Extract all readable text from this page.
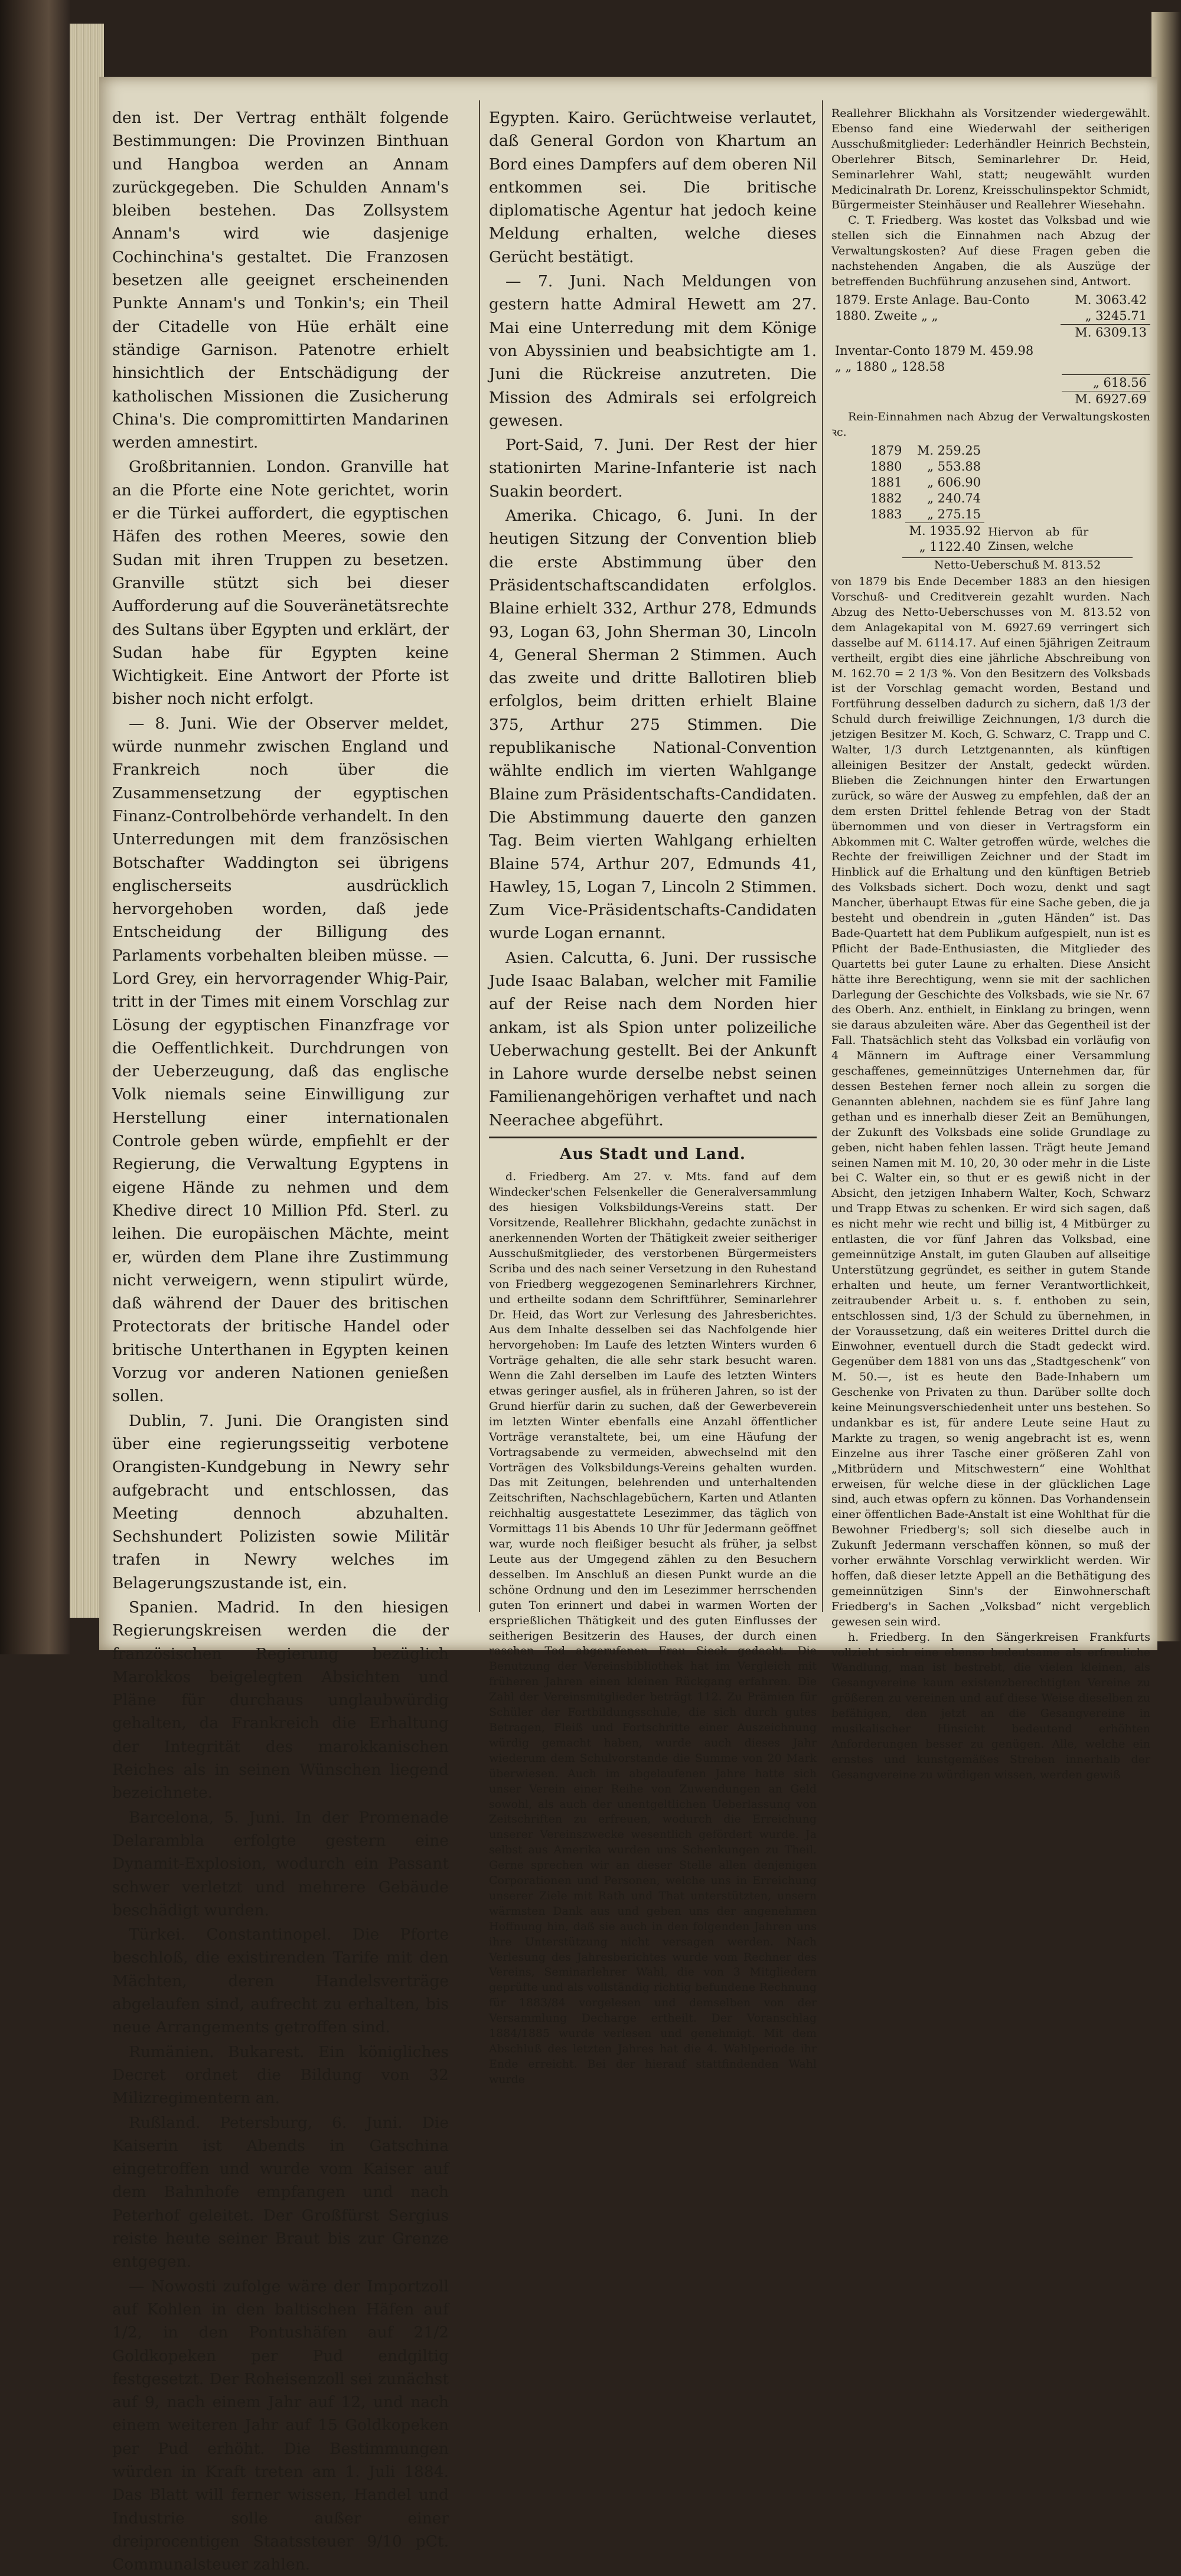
den ist. Der Vertrag enthält folgende Bestimmungen: Die Provinzen Binthuan und Hangboa werden an Annam zurückgegeben. Die Schulden Annam's bleiben bestehen. Das Zollsystem Annam's wird wie dasjenige Cochinchina's gestaltet. Die Franzosen besetzen alle geeignet erscheinenden Punkte Annam's und Tonkin's; ein Theil der Citadelle von Hüe erhält eine ständige Garnison. Patenotre erhielt hinsichtlich der Entschädigung der katholischen Missionen die Zusicherung China's. Die compromittirten Mandarinen werden amnestirt.

Großbritannien. London. Granville hat an die Pforte eine Note gerichtet, worin er die Türkei auffordert, die egyptischen Häfen des rothen Meeres, sowie den Sudan mit ihren Truppen zu besetzen. Granville stützt sich bei dieser Aufforderung auf die Souveränetätsrechte des Sultans über Egypten und erklärt, der Sudan habe für Egypten keine Wichtigkeit. Eine Antwort der Pforte ist bisher noch nicht erfolgt.

— 8. Juni. Wie der Observer meldet, würde nunmehr zwischen England und Frankreich noch über die Zusammensetzung der egyptischen Finanz-Controlbehörde verhandelt. In den Unterredungen mit dem französischen Botschafter Waddington sei übrigens englischerseits ausdrücklich hervorgehoben worden, daß jede Entscheidung der Billigung des Parlaments vorbehalten bleiben müsse. — Lord Grey, ein hervorragender Whig-Pair, tritt in der Times mit einem Vorschlag zur Lösung der egyptischen Finanzfrage vor die Oeffentlichkeit. Durchdrungen von der Ueberzeugung, daß das englische Volk niemals seine Einwilligung zur Herstellung einer internationalen Controle geben würde, empfiehlt er der Regierung, die Verwaltung Egyptens in eigene Hände zu nehmen und dem Khedive direct 10 Million Pfd. Sterl. zu leihen. Die europäischen Mächte, meint er, würden dem Plane ihre Zustimmung nicht verweigern, wenn stipulirt würde, daß während der Dauer des britischen Protectorats der britische Handel oder britische Unterthanen in Egypten keinen Vorzug vor anderen Nationen genießen sollen.

Dublin, 7. Juni. Die Orangisten sind über eine regierungsseitig verbotene Orangisten-Kundgebung in Newry sehr aufgebracht und entschlossen, das Meeting dennoch abzuhalten. Sechshundert Polizisten sowie Militär trafen in Newry welches im Belagerungszustande ist, ein.

Spanien. Madrid. In den hiesigen Regierungskreisen werden die der französischen Regierung bezüglich Marokkos beigelegten Absichten und Pläne für durchaus unglaubwürdig gehalten, da Frankreich die Erhaltung der Integrität des marokkanischen Reiches als in seinen Wünschen liegend bezeichnete.

Barcelona, 5. Juni. In der Promenade Delarambla erfolgte gestern eine Dynamit-Explosion, wodurch ein Passant schwer verletzt und mehrere Gebäude beschädigt wurden.

Türkei. Constantinopel. Die Pforte beschloß, die existirenden Tarife mit den Mächten, deren Handelsverträge abgelaufen sind, aufrecht zu erhalten, bis neue Arrangements getroffen sind.

Rumänien. Bukarest. Ein königliches Decret ordnet die Bildung von 32 Milizregimentern an.

Rußland. Petersburg, 6. Juni. Die Kaiserin ist Abends in Gatschina eingetroffen und wurde vom Kaiser auf dem Bahnhofe empfangen und nach Peterhof geleitet. Der Großfürst Sergius reiste heute seiner Braut bis zur Grenze entgegen.

— Nowosti zufolge wäre der Importzoll auf Kohlen in den baltischen Häfen auf 1/2, in den Pontushäfen auf 21/2 Goldkopeken per Pud endgiltig festgesetzt. Der Roheisenzoll sei zunächst auf 9, nach einem Jahr auf 12, und nach einem weiteren Jahr auf 15 Goldkopeken per Pud erhöht. Die Bestimmungen würden in Kraft treten am 1. Juli 1884. Das Blatt will ferner wissen, Handel und Industrie solle außer einer dreiprocentigen Staatssteuer 9/10 pCt. Communalsteuer zahlen.

Egypten. Kairo. Gerüchtweise verlautet, daß General Gordon von Khartum an Bord eines Dampfers auf dem oberen Nil entkommen sei. Die britische diplomatische Agentur hat jedoch keine Meldung erhalten, welche dieses Gerücht bestätigt.

— 7. Juni. Nach Meldungen von gestern hatte Admiral Hewett am 27. Mai eine Unterredung mit dem Könige von Abyssinien und beabsichtigte am 1. Juni die Rückreise anzutreten. Die Mission des Admirals sei erfolgreich gewesen.

Port-Said, 7. Juni. Der Rest der hier stationirten Marine-Infanterie ist nach Suakin beordert.

Amerika. Chicago, 6. Juni. In der heutigen Sitzung der Convention blieb die erste Abstimmung über den Präsidentschaftscandidaten erfolglos. Blaine erhielt 332, Arthur 278, Edmunds 93, Logan 63, John Sherman 30, Lincoln 4, General Sherman 2 Stimmen. Auch das zweite und dritte Ballotiren blieb erfolglos, beim dritten erhielt Blaine 375, Arthur 275 Stimmen. Die republikanische National-Convention wählte endlich im vierten Wahlgange Blaine zum Präsidentschafts-Candidaten. Die Abstimmung dauerte den ganzen Tag. Beim vierten Wahlgang erhielten Blaine 574, Arthur 207, Edmunds 41, Hawley, 15, Logan 7, Lincoln 2 Stimmen. Zum Vice-Präsidentschafts-Candidaten wurde Logan ernannt.

Asien. Calcutta, 6. Juni. Der russische Jude Isaac Balaban, welcher mit Familie auf der Reise nach dem Norden hier ankam, ist als Spion unter polizeiliche Ueberwachung gestellt. Bei der Ankunft in Lahore wurde derselbe nebst seinen Familienangehörigen verhaftet und nach Neerachee abgeführt.

Aus Stadt und Land.

d. Friedberg. Am 27. v. Mts. fand auf dem Windecker'schen Felsenkeller die Generalversammlung des hiesigen Volksbildungs-Vereins statt. Der Vorsitzende, Reallehrer Blickhahn, gedachte zunächst in anerkennenden Worten der Thätigkeit zweier seitheriger Ausschußmitglieder, des verstorbenen Bürgermeisters Scriba und des nach seiner Versetzung in den Ruhestand von Friedberg weggezogenen Seminarlehrers Kirchner, und ertheilte sodann dem Schriftführer, Seminarlehrer Dr. Heid, das Wort zur Verlesung des Jahresberichtes. Aus dem Inhalte desselben sei das Nachfolgende hier hervorgehoben: Im Laufe des letzten Winters wurden 6 Vorträge gehalten, die alle sehr stark besucht waren. Wenn die Zahl derselben im Laufe des letzten Winters etwas geringer ausfiel, als in früheren Jahren, so ist der Grund hierfür darin zu suchen, daß der Gewerbeverein im letzten Winter ebenfalls eine Anzahl öffentlicher Vorträge veranstaltete, bei, um eine Häufung der Vortragsabende zu vermeiden, abwechselnd mit den Vorträgen des Volksbildungs-Vereins gehalten wurden. Das mit Zeitungen, belehrenden und unterhaltenden Zeitschriften, Nachschlagebüchern, Karten und Atlanten reichhaltig ausgestattete Lesezimmer, das täglich von Vormittags 11 bis Abends 10 Uhr für Jedermann geöffnet war, wurde noch fleißiger besucht als früher, ja selbst Leute aus der Umgegend zählen zu den Besuchern desselben. Im Anschluß an diesen Punkt wurde an die schöne Ordnung und den im Lesezimmer herrschenden guten Ton erinnert und dabei in warmen Worten der ersprießlichen Thätigkeit und des guten Einflusses der seitherigen Besitzerin des Hauses, der durch einen raschen Tod abgerufenen Frau Sieck gedacht. Die Benutzung der Vereinsbibliothek hat im Vergleich mit früheren Jahren einen kleinen Rückgang erfahren. Die Zahl der Vereinsmitglieder beträgt 112. Zu Prämien für Schüler der Fortbildungsschule, die sich durch gutes Betragen, Fleiß und Fortschritte einer Auszeichnung würdig gemacht haben, wurde auch dieses Jahr wiederum dem Schulvorstande die Summe von 20 Mark überwiesen. Auch im abgelaufenen Jahre hatte sich unser Verein einer Reihe von Zuwendungen an Geld sowohl, als auch der unentgeltlichen Ueberlassung von Zeitschriften zu erfreuen, wodurch die Erreichung unserer Vereinszwecke wesentlich gefördert wurde. Ja selbst aus Amerika wurden uns Schenkungen zu Theil. Gerne sprechen wir an dieser Stelle allen denjenigen Corporationen und Personen, welche uns in Erreichung unserer Ziele mit Rath und That unterstützten, unsern wärmsten Dank aus und geben uns der angenehmen Hoffnung hin, daß sie auch in den folgenden Jahren uns ihre Unterstützung nicht versagen werden. Nach Verlesung des Jahresberichtes wurde vom Rechner des Vereins, Seminarlehrer Wahl, die von 3 Mitgliedern geprüfte und als vollständig richtig befundene Rechnung für 1883/84 vorgelesen und demselben von der Versammlung Decharge ertheilt. Der Voranschlag 1884/1885 wurde verlesen und genehmigt. Mit dem Abschluß des letzten Jahres hat die 4. Wahlperiode ihr Ende erreicht. Bei der hierauf stattfindenden Wahl wurde

Reallehrer Blickhahn als Vorsitzender wiedergewählt. Ebenso fand eine Wiederwahl der seitherigen Ausschußmitglieder: Lederhändler Heinrich Bechstein, Oberlehrer Bitsch, Seminarlehrer Dr. Heid, Seminarlehrer Wahl, statt; neugewählt wurden Medicinalrath Dr. Lorenz, Kreisschulinspektor Schmidt, Bürgermeister Steinhäuser und Reallehrer Wiesehahn.

C. T. Friedberg. Was kostet das Volksbad und wie stellen sich die Einnahmen nach Abzug der Verwaltungskosten? Auf diese Fragen geben die nachstehenden Angaben, die als Auszüge der betreffenden Buchführung anzusehen sind, Antwort.

1879. Erste Anlage. Bau-Conto	M. 3063.42
1880. Zweite „ „	„ 3245.71
	M. 6309.13
Inventar-Conto 1879 M. 459.98	
„ „ 1880 „ 128.58	
	„ 618.56
	M. 6927.69

Rein-Einnahmen nach Abzug der Verwaltungskosten ꝛc.

1879	M. 259.25	
1880	„ 553.88	
1881	„ 606.90	
1882	„ 240.74	
1883	„ 275.15	
	M. 1935.92	Hiervon ab für Zinsen, welche
	„ 1122.40	

Netto-Ueberschuß M. 813.52

von 1879 bis Ende December 1883 an den hiesigen Vorschuß- und Creditverein gezahlt wurden. Nach Abzug des Netto-Ueberschusses von M. 813.52 von dem Anlagekapital von M. 6927.69 verringert sich dasselbe auf M. 6114.17. Auf einen 5jährigen Zeitraum vertheilt, ergibt dies eine jährliche Abschreibung von M. 162.70 = 2 1/3 %. Von den Besitzern des Volksbads ist der Vorschlag gemacht worden, Bestand und Fortführung desselben dadurch zu sichern, daß 1/3 der Schuld durch freiwillige Zeichnungen, 1/3 durch die jetzigen Besitzer M. Koch, G. Schwarz, C. Trapp und C. Walter, 1/3 durch Letztgenannten, als künftigen alleinigen Besitzer der Anstalt, gedeckt würden. Blieben die Zeichnungen hinter den Erwartungen zurück, so wäre der Ausweg zu empfehlen, daß der an dem ersten Drittel fehlende Betrag von der Stadt übernommen und von dieser in Vertragsform ein Abkommen mit C. Walter getroffen würde, welches die Rechte der freiwilligen Zeichner und der Stadt im Hinblick auf die Erhaltung und den künftigen Betrieb des Volksbads sichert. Doch wozu, denkt und sagt Mancher, überhaupt Etwas für eine Sache geben, die ja besteht und obendrein in „guten Händen“ ist. Das Bade-Quartett hat dem Publikum aufgespielt, nun ist es Pflicht der Bade-Enthusiasten, die Mitglieder des Quartetts bei guter Laune zu erhalten. Diese Ansicht hätte ihre Berechtigung, wenn sie mit der sachlichen Darlegung der Geschichte des Volksbads, wie sie Nr. 67 des Oberh. Anz. enthielt, in Einklang zu bringen, wenn sie daraus abzuleiten wäre. Aber das Gegentheil ist der Fall. Thatsächlich steht das Volksbad ein vorläufig von 4 Männern im Auftrage einer Versammlung geschaffenes, gemeinnütziges Unternehmen dar, für dessen Bestehen ferner noch allein zu sorgen die Genannten ablehnen, nachdem sie es fünf Jahre lang gethan und es innerhalb dieser Zeit an Bemühungen, der Zukunft des Volksbads eine solide Grundlage zu geben, nicht haben fehlen lassen. Trägt heute Jemand seinen Namen mit M. 10, 20, 30 oder mehr in die Liste bei C. Walter ein, so thut er es gewiß nicht in der Absicht, den jetzigen Inhabern Walter, Koch, Schwarz und Trapp Etwas zu schenken. Er wird sich sagen, daß es nicht mehr wie recht und billig ist, 4 Mitbürger zu entlasten, die vor fünf Jahren das Volksbad, eine gemeinnützige Anstalt, im guten Glauben auf allseitige Unterstützung gegründet, es seither in gutem Stande erhalten und heute, um ferner Verantwortlichkeit, zeitraubender Arbeit u. s. f. enthoben zu sein, entschlossen sind, 1/3 der Schuld zu übernehmen, in der Voraussetzung, daß ein weiteres Drittel durch die Einwohner, eventuell durch die Stadt gedeckt wird. Gegenüber dem 1881 von uns das „Stadtgeschenk“ von M. 50.—, ist es heute den Bade-Inhabern um Geschenke von Privaten zu thun. Darüber sollte doch keine Meinungsverschiedenheit unter uns bestehen. So undankbar es ist, für andere Leute seine Haut zu Markte zu tragen, so wenig angebracht ist es, wenn Einzelne aus ihrer Tasche einer größeren Zahl von „Mitbrüdern und Mitschwestern“ eine Wohlthat erweisen, für welche diese in der glücklichen Lage sind, auch etwas opfern zu können. Das Vorhandensein einer öffentlichen Bade-Anstalt ist eine Wohlthat für die Bewohner Friedberg's; soll sich dieselbe auch in Zukunft Jedermann verschaffen können, so muß der vorher erwähnte Vorschlag verwirklicht werden. Wir hoffen, daß dieser letzte Appell an die Bethätigung des gemeinnützigen Sinn's der Einwohnerschaft Friedberg's in Sachen „Volksbad“ nicht vergeblich gewesen sein wird.

h. Friedberg. In den Sängerkreisen Frankfurts vollzieht sich eine ebenso bedeutsame als erfreuliche Wandlung, man ist bestrebt, die vielen kleinen, als Gesangvereine kaum existenzberechtigten Vereine zu größeren zu vereinen und auf diese Weise dieselben zu befähigen, den jetzt an die Gesangvereine in musikalischer Hinsicht bedeutend erhöhten Anforderungen besser zu genügen. Alle, welche ein ernstes und kunstgemäßes Streben innerhalb der Gesangvereine zu würdigen wissen, werden gewiß
